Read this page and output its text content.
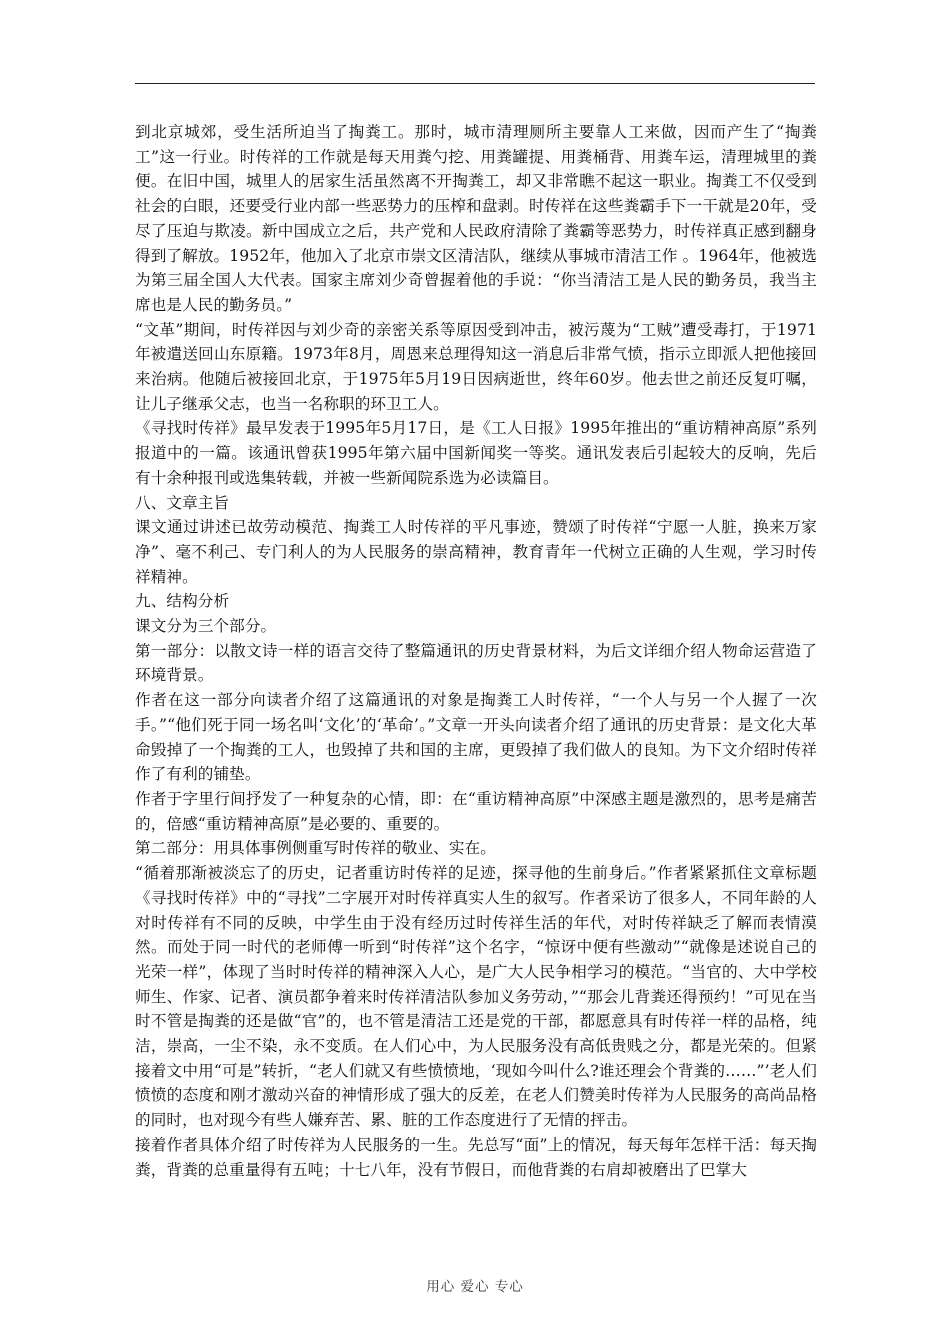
到北京城郊，受生活所迫当了掏粪工。那时，城市清理厕所主要靠人工来做，因而产生了“掏粪工”这一行业。时传祥的工作就是每天用粪勺挖、用粪罐提、用粪桶背、用粪车运，清理城里的粪便。在旧中国，城里人的居家生活虽然离不开掏粪工，却又非常瞧不起这一职业。掏粪工不仅受到社会的白眼，还要受行业内部一些恶势力的压榨和盘剥。时传祥在这些粪霸手下一干就是20年，受尽了压迫与欺凌。新中国成立之后，共产党和人民政府清除了粪霸等恶势力，时传祥真正感到翻身得到了解放。1952年，他加入了北京市崇文区清洁队，继续从事城市清洁工作 。1964年，他被选为第三届全国人大代表。国家主席刘少奇曾握着他的手说：“你当清洁工是人民的勤务员，我当主席也是人民的勤务员。”

“文革”期间，时传祥因与刘少奇的亲密关系等原因受到冲击，被污蔑为“工贼”遭受毒打，于1971年被遣送回山东原籍。1973年8月，周恩来总理得知这一消息后非常气愤，指示立即派人把他接回来治病。他随后被接回北京，于1975年5月19日因病逝世，终年60岁。他去世之前还反复叮嘱，让儿子继承父志，也当一名称职的环卫工人。

《寻找时传祥》最早发表于1995年5月17日，是《工人日报》1995年推出的“重访精神高原”系列报道中的一篇。该通讯曾获1995年第六届中国新闻奖一等奖。通讯发表后引起较大的反响，先后有十余种报刊或选集转载，并被一些新闻院系选为必读篇目。

八、文章主旨

课文通过讲述已故劳动模范、掏粪工人时传祥的平凡事迹，赞颂了时传祥“宁愿一人脏，换来万家净”、毫不利己、专门利人的为人民服务的崇高精神，教育青年一代树立正确的人生观，学习时传祥精神。

九、结构分析

课文分为三个部分。

第一部分：以散文诗一样的语言交待了整篇通讯的历史背景材料，为后文详细介绍人物命运营造了环境背景。

作者在这一部分向读者介绍了这篇通讯的对象是掏粪工人时传祥，“一个人与另一个人握了一次手。”“他们死于同一场名叫‘文化’的‘革命’。”文章一开头向读者介绍了通讯的历史背景：是文化大革命毁掉了一个掏粪的工人，也毁掉了共和国的主席，更毁掉了我们做人的良知。为下文介绍时传祥作了有利的铺垫。

作者于字里行间抒发了一种复杂的心情，即：在“重访精神高原”中深感主题是激烈的，思考是痛苦的，倍感“重访精神高原”是必要的、重要的。

第二部分：用具体事例侧重写时传祥的敬业、实在。

“循着那渐被淡忘了的历史，记者重访时传祥的足迹，探寻他的生前身后。”作者紧紧抓住文章标题《寻找时传祥》中的“寻找”二字展开对时传祥真实人生的叙写。作者采访了很多人，不同年龄的人对时传祥有不同的反映，中学生由于没有经历过时传祥生活的年代，对时传祥缺乏了解而表情漠然。而处于同一时代的老师傅一听到“时传祥”这个名字，“惊讶中便有些激动”“就像是述说自己的光荣一样”，体现了当时时传祥的精神深入人心，是广大人民争相学习的模范。“当官的、大中学校师生、作家、记者、演员都争着来时传祥清洁队参加义务劳动，”“那会儿背粪还得预约！”可见在当时不管是掏粪的还是做“官”的，也不管是清洁工还是党的干部，都愿意具有时传祥一样的品格，纯洁，崇高，一尘不染，永不变质。在人们心中，为人民服务没有高低贵贱之分，都是光荣的。但紧接着文中用“可是”转折，“老人们就又有些愤愤地，‘现如今叫什么?谁还理会个背粪的……”’老人们愤愤的态度和刚才激动兴奋的神情形成了强大的反差，在老人们赞美时传祥为人民服务的高尚品格的同时，也对现今有些人嫌弃苦、累、脏的工作态度进行了无情的抨击。

接着作者具体介绍了时传祥为人民服务的一生。先总写“面”上的情况，每天每年怎样干活：每天掏粪，背粪的总重量得有五吨；十七八年，没有节假日，而他背粪的右肩却被磨出了巴掌大

用心 爱心 专心
